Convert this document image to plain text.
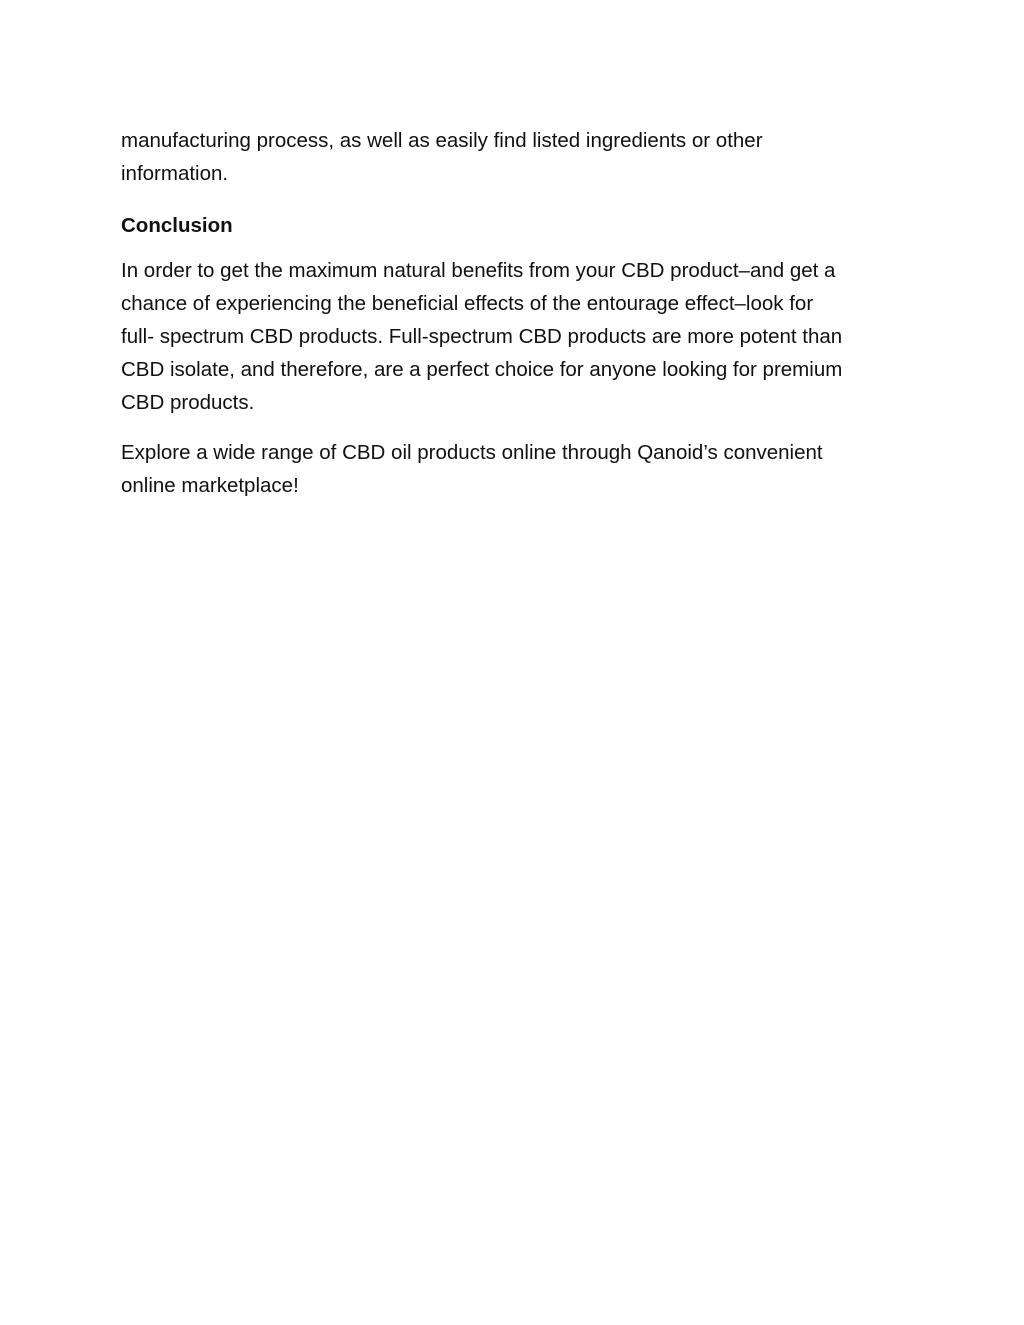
manufacturing process, as well as easily find listed ingredients or other
information.

Conclusion

In order to get the maximum natural benefits from your CBD product–and get a
chance of experiencing the beneficial effects of the entourage effect–look for
full- spectrum CBD products. Full-spectrum CBD products are more potent than
CBD isolate, and therefore, are a perfect choice for anyone looking for premium
CBD products.

Explore a wide range of CBD oil products online through Qanoid’s convenient
online marketplace!
